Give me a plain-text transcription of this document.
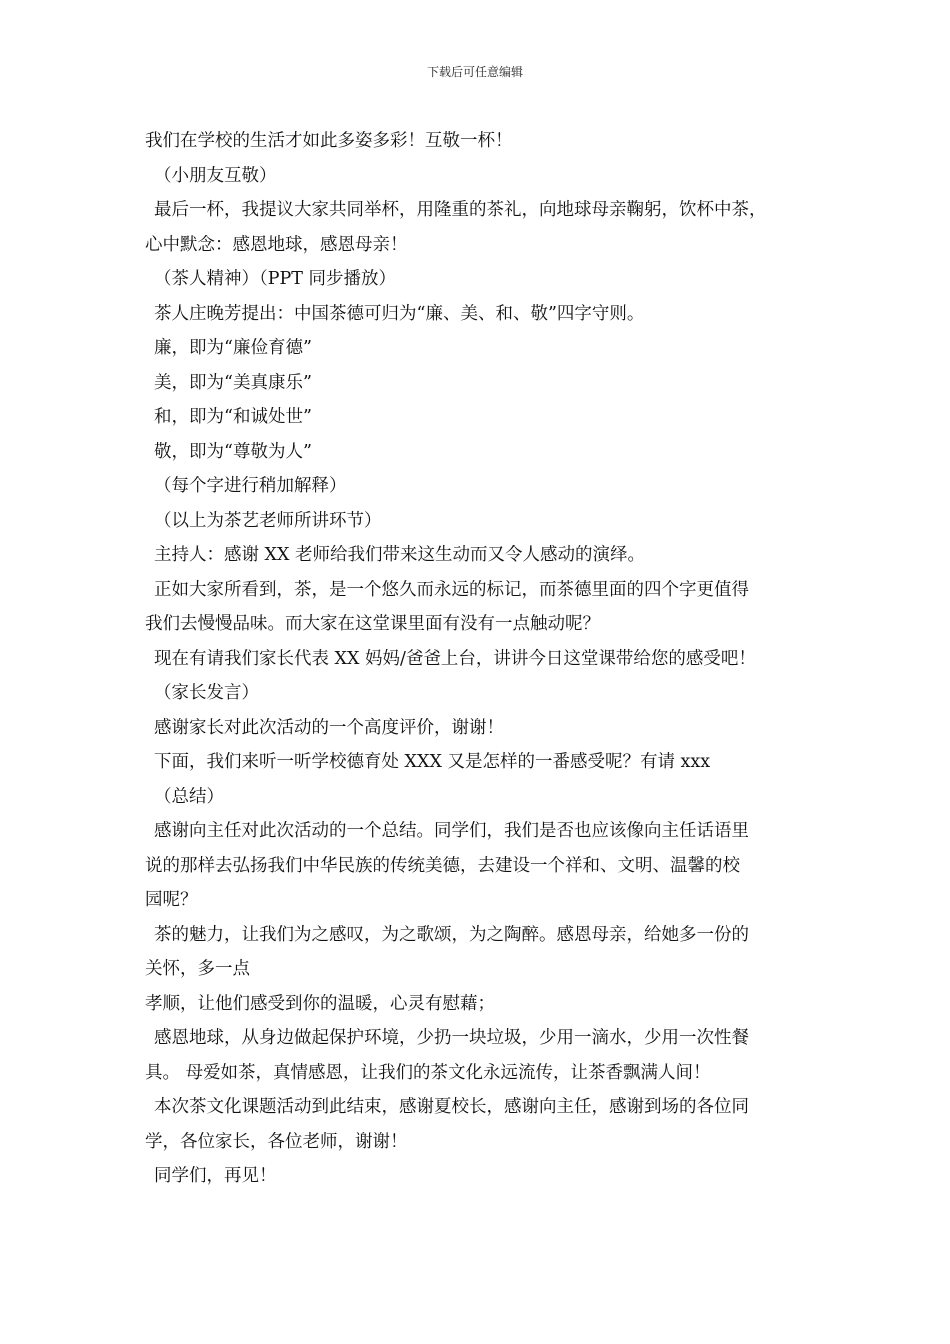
下载后可任意编辑
我们在学校的生活才如此多姿多彩！互敬一杯！
（小朋友互敬）
最后一杯，我提议大家共同举杯，用隆重的茶礼，向地球母亲鞠躬，饮杯中茶，
心中默念：感恩地球，感恩母亲！
（茶人精神）（PPT 同步播放）
茶人庄晚芳提出：中国茶德可归为“廉、美、和、敬”四字守则。
廉，即为“廉俭育德”
美，即为“美真康乐”
和，即为“和诚处世”
敬，即为“尊敬为人”
（每个字进行稍加解释）
（以上为茶艺老师所讲环节）
主持人：感谢 XX 老师给我们带来这生动而又令人感动的演绎。
正如大家所看到，茶，是一个悠久而永远的标记，而茶德里面的四个字更值得
我们去慢慢品味。而大家在这堂课里面有没有一点触动呢？
现在有请我们家长代表 XX 妈妈/爸爸上台，讲讲今日这堂课带给您的感受吧！
（家长发言）
感谢家长对此次活动的一个高度评价，谢谢！
下面，我们来听一听学校德育处 XXX 又是怎样的一番感受呢？有请 xxx
（总结）
感谢向主任对此次活动的一个总结。同学们，我们是否也应该像向主任话语里
说的那样去弘扬我们中华民族的传统美德，去建设一个祥和、文明、温馨的校
园呢？
茶的魅力，让我们为之感叹，为之歌颂，为之陶醉。感恩母亲，给她多一份的
关怀，多一点
孝顺，让他们感受到你的温暖，心灵有慰藉；
感恩地球，从身边做起保护环境，少扔一块垃圾，少用一滴水，少用一次性餐
具。 母爱如茶，真情感恩，让我们的茶文化永远流传，让茶香飘满人间！
本次茶文化课题活动到此结束，感谢夏校长，感谢向主任，感谢到场的各位同
学，各位家长，各位老师，谢谢！
同学们，再见！
